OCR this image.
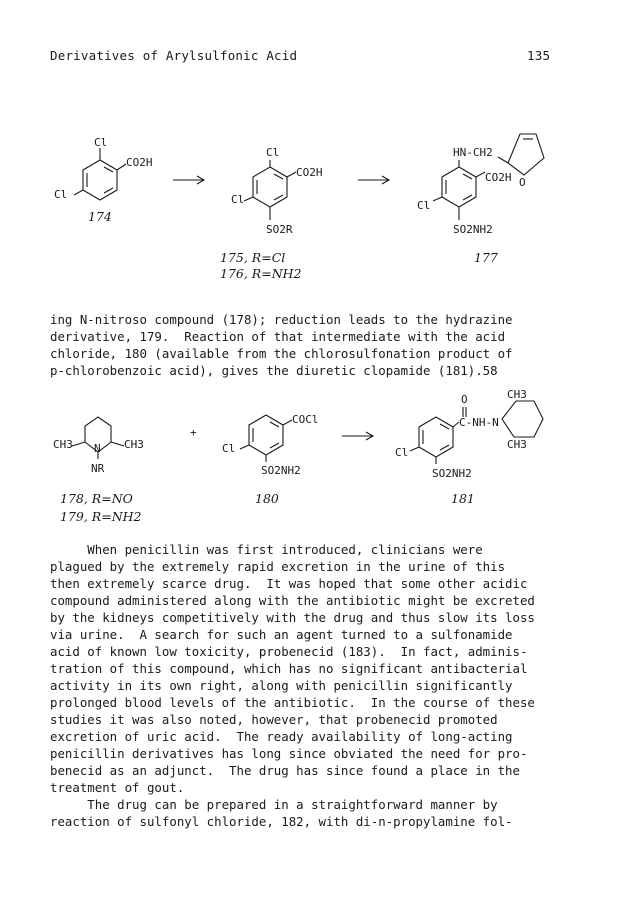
Derivatives of Arylsulfonic Acid	135
Cl
CO2H
Cl
174
Cl
CO2H
Cl
SO2R
175, R=Cl
176, R=NH2
HN-CH2
O
CO2H
Cl
SO2NH2
177

ing N-nitroso compound (178); reduction leads to the hydrazine
derivative, 179.  Reaction of that intermediate with the acid
chloride, 180 (available from the chlorosulfonation product of
p-chlorobenzoic acid), gives the diuretic clopamide (181).58

CH3 N CH3
NR
+
COCl
Cl
SO2NH2
O	CH3
C-NH-N
CH3
Cl
SO2NH2
178, R=NO
179, R=NH2
180	181

When penicillin was first introduced, clinicians were
plagued by the extremely rapid excretion in the urine of this
then extremely scarce drug.  It was hoped that some other acidic
compound administered along with the antibiotic might be excreted
by the kidneys competitively with the drug and thus slow its loss
via urine.  A search for such an agent turned to a sulfonamide
acid of known low toxicity, probenecid (183).  In fact, adminis-
tration of this compound, which has no significant antibacterial
activity in its own right, along with penicillin significantly
prolonged blood levels of the antibiotic.  In the course of these
studies it was also noted, however, that probenecid promoted
excretion of uric acid.  The ready availability of long-acting
penicillin derivatives has long since obviated the need for pro-
benecid as an adjunct.  The drug has since found a place in the
treatment of gout.
The drug can be prepared in a straightforward manner by
reaction of sulfonyl chloride, 182, with di-n-propylamine fol-
